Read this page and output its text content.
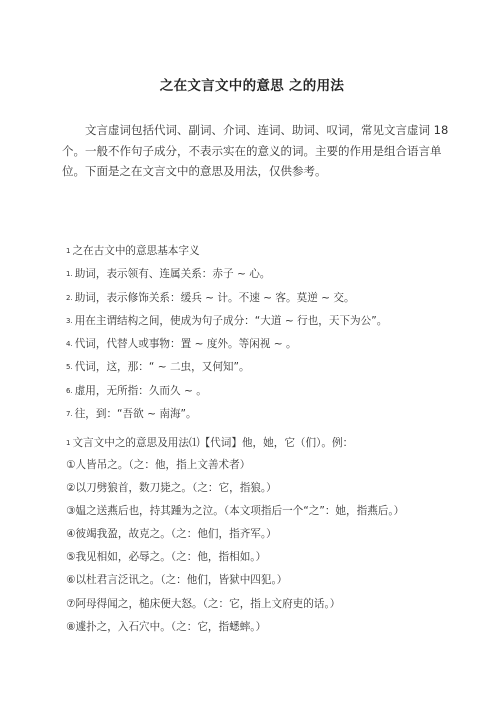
之在文言文中的意思 之的用法
文言虚词包括代词、副词、介词、连词、助词、叹词，常见文言虚词 18 个。一般不作句子成分，不表示实在的意义的词。主要的作用是组合语言单位。下面是之在文言文中的意思及用法，仅供参考。
1 之在古文中的意思基本字义
1. 助词，表示领有、连属关系：赤子 ~ 心。
2. 助词，表示修饰关系：缓兵 ~ 计。不速 ~ 客。莫逆 ~ 交。
3. 用在主谓结构之间，使成为句子成分：“大道 ~ 行也，天下为公”。
4. 代词，代替人或事物：置 ~ 度外。等闲视 ~ 。
5. 代词，这，那：“ ~ 二虫，又何知”。
6. 虚用，无所指：久而久 ~ 。
7. 往，到：“吾欲 ~ 南海”。
1 文言文中之的意思及用法⑴【代词】他，她，它（们）。例：
①人皆吊之。（之：他，指上文善术者）
②以刀劈狼首，数刀毙之。（之：它，指狼。）
③媪之送燕后也，持其踵为之泣。（本文项指后一个“之”：她，指燕后。）
④彼竭我盈，故克之。（之：他们，指齐军。）
⑤我见相如，必辱之。（之：他，指相如。）
⑥以杜君言泛讯之。（之：他们，皆狱中四犯。）
⑦阿母得闻之，槌床便大怒。（之：它，指上文府吏的话。）
⑧遽扑之，入石穴中。（之：它，指蟋蟀。）
